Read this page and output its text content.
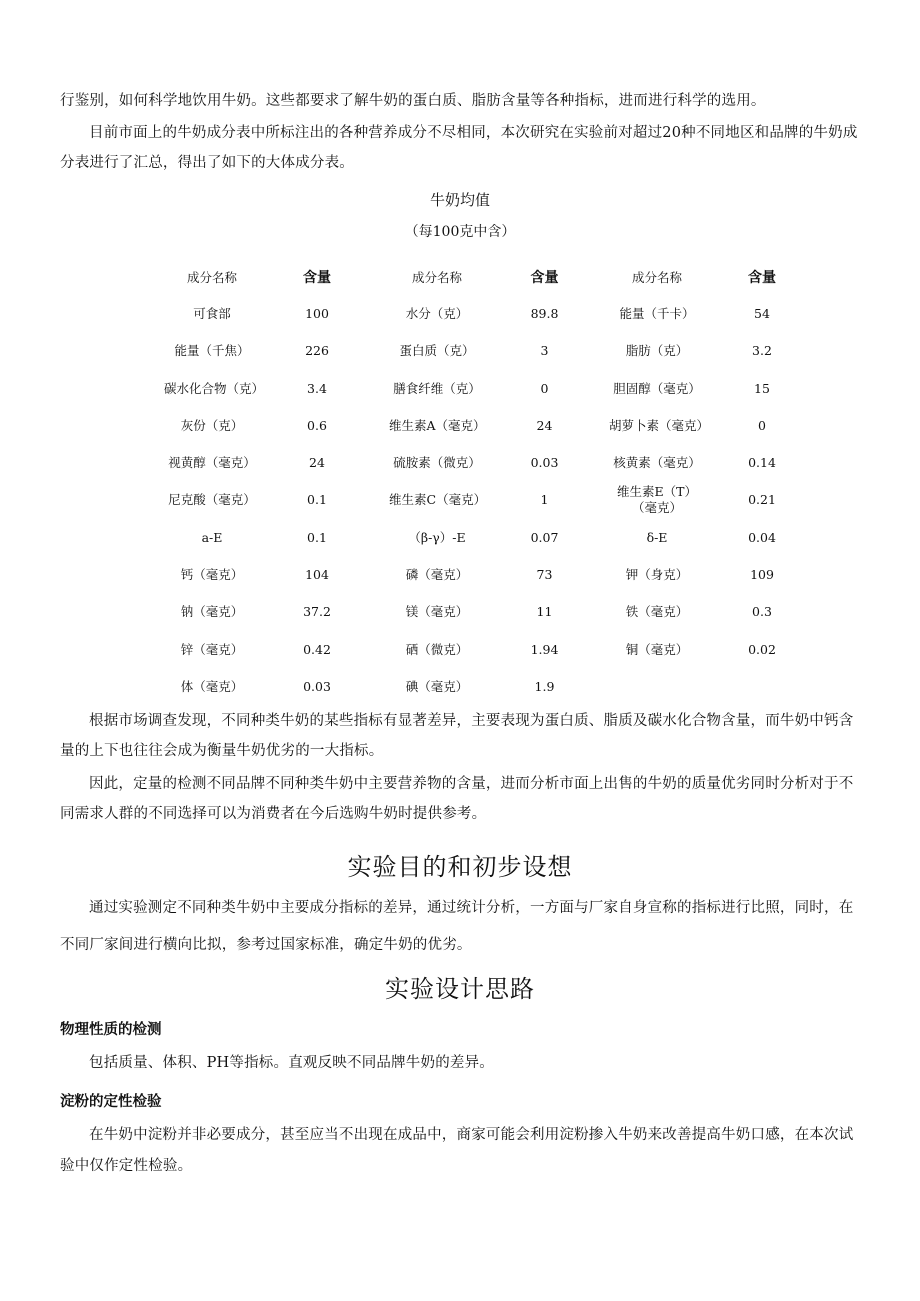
行鉴别，如何科学地饮用牛奶。这些都要求了解牛奶的蛋白质、脂肪含量等各种指标，进而进行科学的选用。

目前市面上的牛奶成分表中所标注出的各种营养成分不尽相同，本次研究在实验前对超过20种不同地区和品牌的牛奶成分表进行了汇总，得出了如下的大体成分表。

牛奶均值

（每100克中含）

成分名称	含量	成分名称	含量	成分名称	含量
可食部	100	水分（克）	89.8	能量（千卡）	54
能量（千焦）	226	蛋白质（克）	3	脂肪（克）	3.2
碳水化合物（克）	3.4	膳食纤维（克）	0	胆固醇（毫克）	15
灰份（克）	0.6	维生素A（毫克）	24	胡萝卜素（毫克）	0
视黄醇（毫克）	24	硫胺素（微克）	0.03	核黄素（毫克）	0.14
尼克酸（毫克）	0.1	维生素C（毫克）	1	维生素E（T）（毫克）	0.21
a-E	0.1	（β-γ）-E	0.07	δ-E	0.04
钙（毫克）	104	磷（毫克）	73	钾（身克）	109
钠（毫克）	37.2	镁（毫克）	11	铁（毫克）	0.3
锌（毫克）	0.42	硒（微克）	1.94	铜（毫克）	0.02
体（毫克）	0.03	碘（毫克）	1.9		

根据市场调查发现，不同种类牛奶的某些指标有显著差异，主要表现为蛋白质、脂质及碳水化合物含量，而牛奶中钙含量的上下也往往会成为衡量牛奶优劣的一大指标。

因此，定量的检测不同品牌不同种类牛奶中主要营养物的含量，进而分析市面上出售的牛奶的质量优劣同时分析对于不同需求人群的不同选择可以为消费者在今后选购牛奶时提供参考。

实验目的和初步设想

通过实验测定不同种类牛奶中主要成分指标的差异，通过统计分析，一方面与厂家自身宣称的指标进行比照，同时，在不同厂家间进行横向比拟，参考过国家标准，确定牛奶的优劣。

实验设计思路

物理性质的检测

包括质量、体积、PH等指标。直观反映不同品牌牛奶的差异。

淀粉的定性检验

在牛奶中淀粉并非必要成分，甚至应当不出现在成品中，商家可能会利用淀粉掺入牛奶来改善提高牛奶口感，在本次试验中仅作定性检验。
